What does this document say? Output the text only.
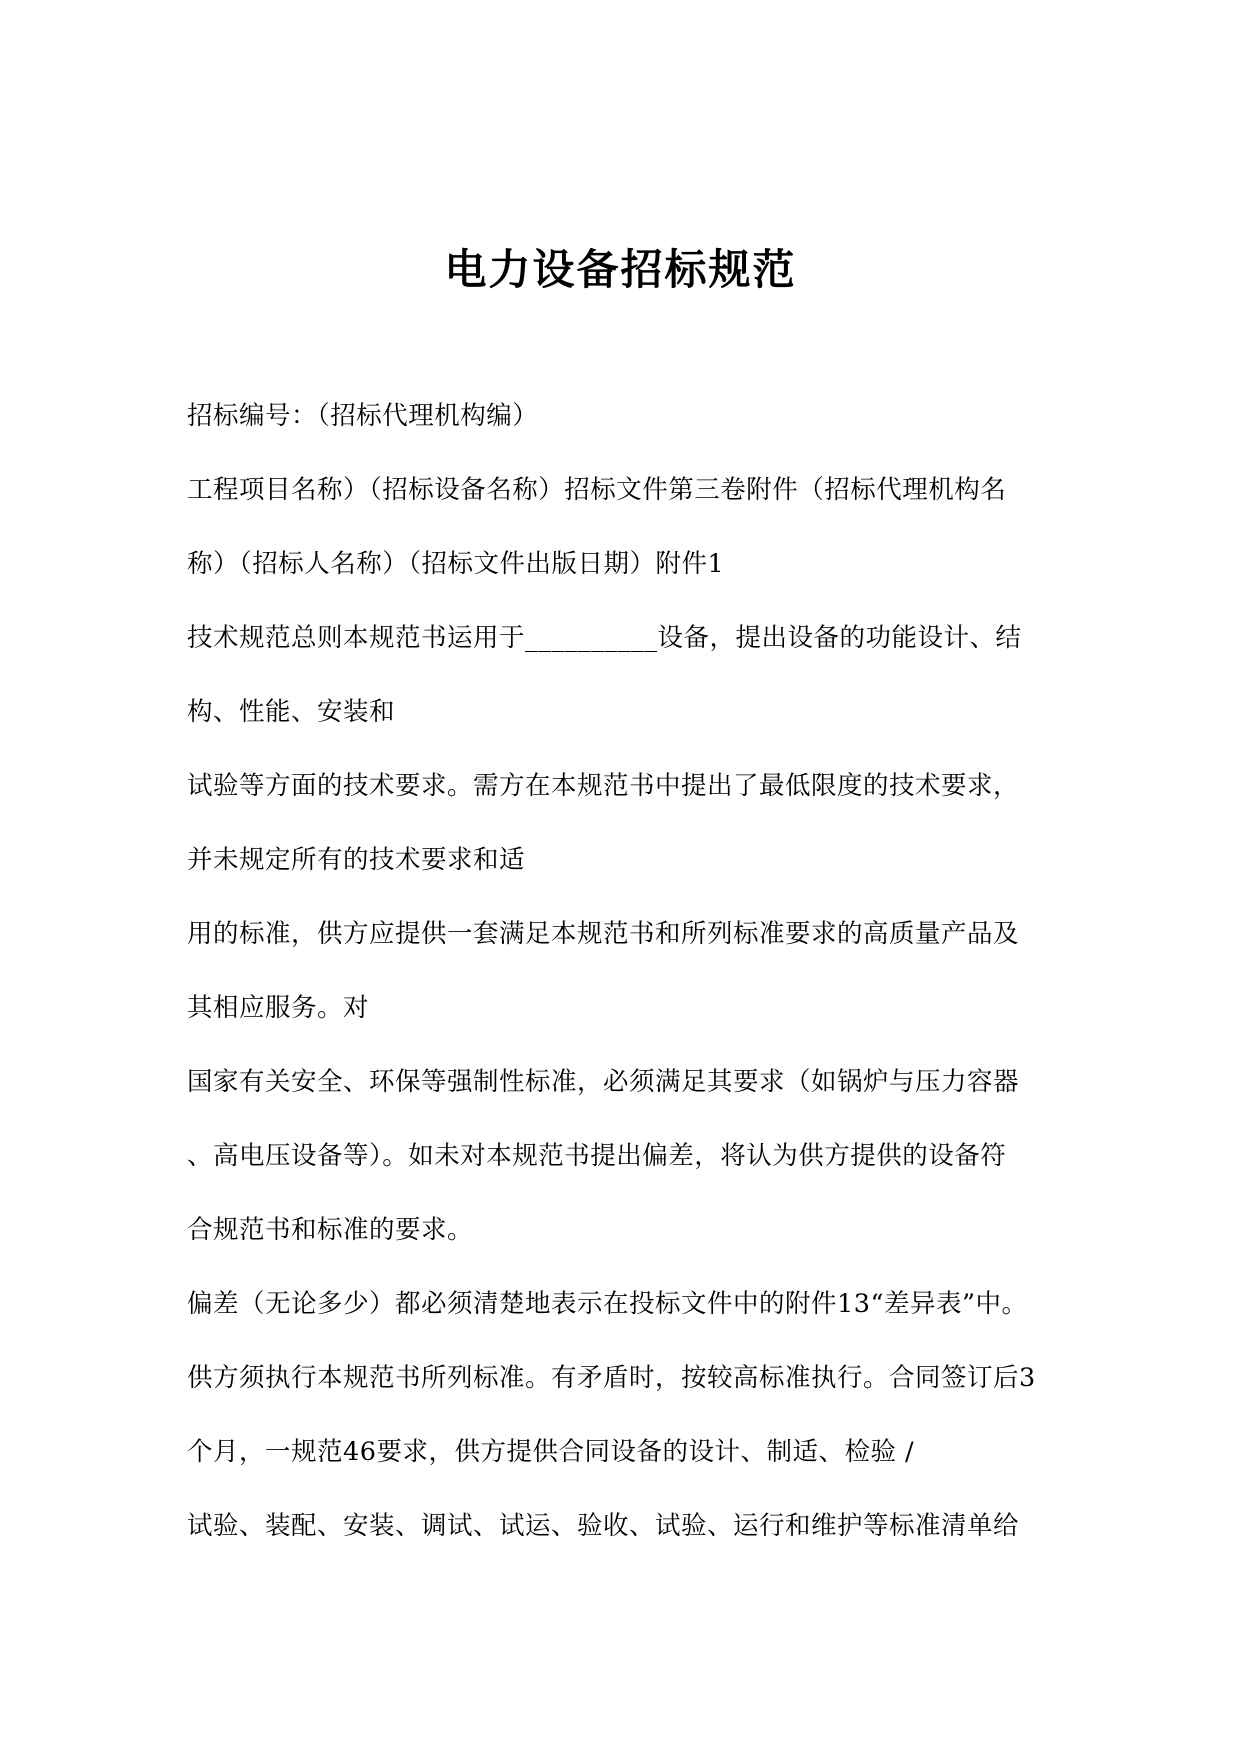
电力设备招标规范
招标编号：（招标代理机构编）
工程项目名称）（招标设备名称）招标文件第三卷附件（招标代理机构名
称）（招标人名称）（招标文件出版日期）附件1
技术规范总则本规范书运用于__________设备，提出设备的功能设计、结
构、性能、安装和
试验等方面的技术要求。需方在本规范书中提出了最低限度的技术要求，
并未规定所有的技术要求和适
用的标准，供方应提供一套满足本规范书和所列标准要求的高质量产品及
其相应服务。对
国家有关安全、环保等强制性标准，必须满足其要求（如锅炉与压力容器
、高电压设备等）。如未对本规范书提出偏差，将认为供方提供的设备符
合规范书和标准的要求。
偏差（无论多少）都必须清楚地表示在投标文件中的附件13“差异表”中。
供方须执行本规范书所列标准。有矛盾时，按较高标准执行。合同签订后3
个月，一规范46要求，供方提供合同设备的设计、制适、检验 /
试验、装配、安装、调试、试运、验收、试验、运行和维护等标准清单给
